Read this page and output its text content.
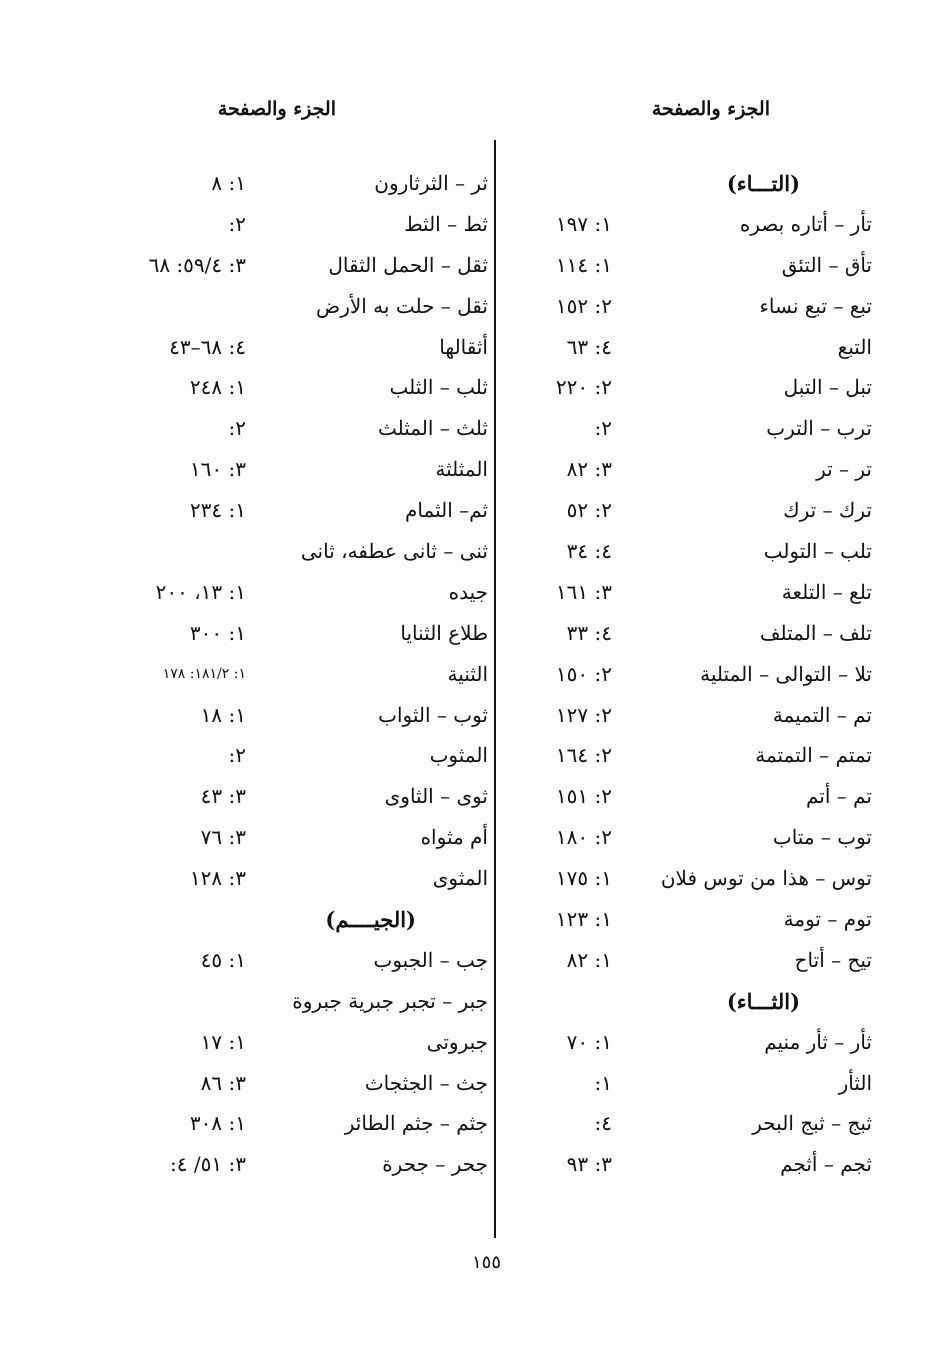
الجزء والصفحة
(التـــاء)
تأر – أتاره بصره
١: ١٩٧
تأق – التئق
١: ١١٤
تبع – تبع نساء
٢: ١٥٢
التبع
٤: ٦٣
تبل – التبل
٢: ٢٢٠
ترب – الترب
٢:
تر – تر
٣: ٨٢
ترك – ترك
٢: ٥٢
تلب – التولب
٤: ٣٤
تلع – التلعة
٣: ١٦١
تلف – المتلف
٤: ٣٣
تلا – التوالى – المتلية
٢: ١٥٠
تم – التميمة
٢: ١٢٧
تمتم – التمتمة
٢: ١٦٤
تم – أتم
٢: ١٥١
توب – متاب
٢: ١٨٠
توس – هذا من توس فلان
١: ١٧٥
توم – تومة
١: ١٢٣
تيح – أتاح
١: ٨٢
(الثـــاء)
ثأر – ثأر منيم
١: ٧٠
الثأر
١:
ثبج – ثبج البحر
٤:
ثجم – أثجم
٣: ٩٣
الجزء والصفحة
ثر – الثرثارون
١: ٨
ثط – الثط
٢:
ثقل – الحمل الثقال
٣: ٥٩/٤: ٦٨
ثقل – حلت به الأرض
أثقالها
٤: ٦٨–٤٣
ثلب – الثلب
١: ٢٤٨
ثلث – المثلث
٢:
المثلثة
٣: ١٦٠
ثم– الثمام
١: ٢٣٤
ثنى – ثانى عطفه، ثانى
جيده
١: ١٣، ٢٠٠
طلاع الثنايا
١: ٣٠٠
الثنية
١: ١٨١/٢: ١٧٨
ثوب – الثواب
١: ١٨
المثوب
٢:
ثوى – الثاوى
٣: ٤٣
أم مثواه
٣: ٧٦
المثوى
٣: ١٢٨
(الجيــــم)
جب – الجبوب
١: ٤٥
جبر – تجبر جبرية جبروة
جبروتى
١: ١٧
جث – الجثجاث
٣: ٨٦
جثم – جثم الطائر
١: ٣٠٨
جحر – جحرة
٣: ٥١/ ٤:
١٥٥
